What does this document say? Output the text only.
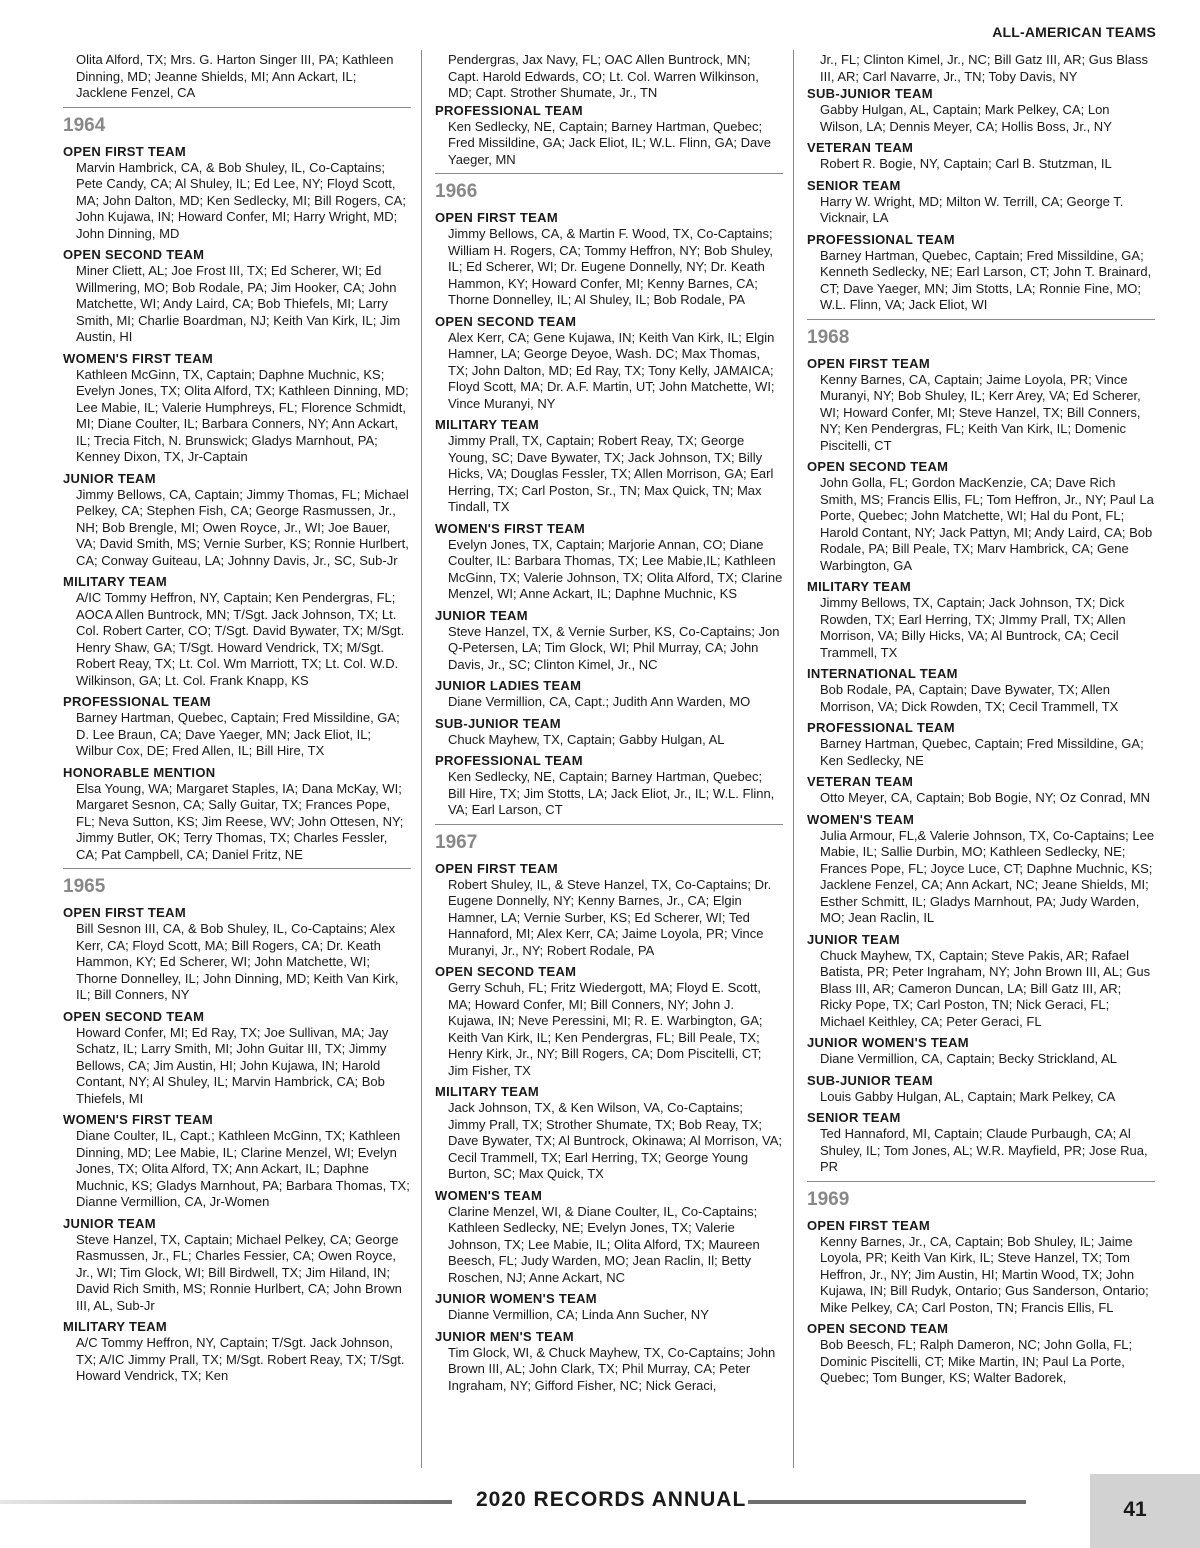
ALL-AMERICAN TEAMS
Olita Alford, TX; Mrs. G. Harton Singer III, PA; Kathleen Dinning, MD; Jeanne Shields, MI; Ann Ackart, IL; Jacklene Fenzel, CA
1964
OPEN FIRST TEAM
Marvin Hambrick, CA, & Bob Shuley, IL, Co-Captains; Pete Candy, CA; Al Shuley, IL; Ed Lee, NY; Floyd Scott, MA; John Dalton, MD; Ken Sedlecky, MI; Bill Rogers, CA; John Kujawa, IN; Howard Confer, MI; Harry Wright, MD; John Dinning, MD
OPEN SECOND TEAM
Miner Cliett, AL; Joe Frost III, TX; Ed Scherer, WI; Ed Willmering, MO; Bob Rodale, PA; Jim Hooker, CA; John Matchette, WI; Andy Laird, CA; Bob Thiefels, MI; Larry Smith, MI; Charlie Boardman, NJ; Keith Van Kirk, IL; Jim Austin, HI
WOMEN'S FIRST TEAM
Kathleen McGinn, TX, Captain; Daphne Muchnic, KS; Evelyn Jones, TX; Olita Alford, TX; Kathleen Dinning, MD; Lee Mabie, IL; Valerie Humphreys, FL; Florence Schmidt, MI; Diane Coulter, IL; Barbara Conners, NY; Ann Ackart, IL; Trecia Fitch, N. Brunswick; Gladys Marnhout, PA; Kenney Dixon, TX, Jr-Captain
JUNIOR TEAM
Jimmy Bellows, CA, Captain; Jimmy Thomas, FL; Michael Pelkey, CA; Stephen Fish, CA; George Rasmussen, Jr., NH; Bob Brengle, MI; Owen Royce, Jr., WI; Joe Bauer, VA; David Smith, MS; Vernie Surber, KS; Ronnie Hurlbert, CA; Conway Guiteau, LA; Johnny Davis, Jr., SC, Sub-Jr
MILITARY TEAM
A/IC Tommy Heffron, NY, Captain; Ken Pendergras, FL; AOCA Allen Buntrock, MN; T/Sgt. Jack Johnson, TX; Lt. Col. Robert Carter, CO; T/Sgt. David Bywater, TX; M/Sgt. Henry Shaw, GA; T/Sgt. Howard Vendrick, TX; M/Sgt. Robert Reay, TX; Lt. Col. Wm Marriott, TX; Lt. Col. W.D. Wilkinson, GA; Lt. Col. Frank Knapp, KS
PROFESSIONAL TEAM
Barney Hartman, Quebec, Captain; Fred Missildine, GA; D. Lee Braun, CA; Dave Yaeger, MN; Jack Eliot, IL; Wilbur Cox, DE; Fred Allen, IL; Bill Hire, TX
HONORABLE MENTION
Elsa Young, WA; Margaret Staples, IA; Dana McKay, WI; Margaret Sesnon, CA; Sally Guitar, TX; Frances Pope, FL; Neva Sutton, KS; Jim Reese, WV; John Ottesen, NY; Jimmy Butler, OK; Terry Thomas, TX; Charles Fessler, CA; Pat Campbell, CA; Daniel Fritz, NE
1965
OPEN FIRST TEAM
Bill Sesnon III, CA, & Bob Shuley, IL, Co-Captains; Alex Kerr, CA; Floyd Scott, MA; Bill Rogers, CA; Dr. Keath Hammon, KY; Ed Scherer, WI; John Matchette, WI; Thorne Donnelley, IL; John Dinning, MD; Keith Van Kirk, IL; Bill Conners, NY
OPEN SECOND TEAM
Howard Confer, MI; Ed Ray, TX; Joe Sullivan, MA; Jay Schatz, IL; Larry Smith, MI; John Guitar III, TX; Jimmy Bellows, CA; Jim Austin, HI; John Kujawa, IN; Harold Contant, NY; Al Shuley, IL; Marvin Hambrick, CA; Bob Thiefels, MI
WOMEN'S FIRST TEAM
Diane Coulter, IL, Capt.; Kathleen McGinn, TX; Kathleen Dinning, MD; Lee Mabie, IL; Clarine Menzel, WI; Evelyn Jones, TX; Olita Alford, TX; Ann Ackart, IL; Daphne Muchnic, KS; Gladys Marnhout, PA; Barbara Thomas, TX; Dianne Vermillion, CA, Jr-Women
JUNIOR TEAM
Steve Hanzel, TX, Captain; Michael Pelkey, CA; George Rasmussen, Jr., FL; Charles Fessier, CA; Owen Royce, Jr., WI; Tim Glock, WI; Bill Birdwell, TX; Jim Hiland, IN; David Rich Smith, MS; Ronnie Hurlbert, CA; John Brown III, AL, Sub-Jr
MILITARY TEAM
A/C Tommy Heffron, NY, Captain; T/Sgt. Jack Johnson, TX; A/IC Jimmy Prall, TX; M/Sgt. Robert Reay, TX; T/Sgt. Howard Vendrick, TX; Ken
Pendergras, Jax Navy, FL; OAC Allen Buntrock, MN; Capt. Harold Edwards, CO; Lt. Col. Warren Wilkinson, MD; Capt. Strother Shumate, Jr., TN
PROFESSIONAL TEAM
Ken Sedlecky, NE, Captain; Barney Hartman, Quebec; Fred Missildine, GA; Jack Eliot, IL; W.L. Flinn, GA; Dave Yaeger, MN
1966
OPEN FIRST TEAM
Jimmy Bellows, CA, & Martin F. Wood, TX, Co-Captains; William H. Rogers, CA; Tommy Heffron, NY; Bob Shuley, IL; Ed Scherer, WI; Dr. Eugene Donnelly, NY; Dr. Keath Hammon, KY; Howard Confer, MI; Kenny Barnes, CA; Thorne Donnelley, IL; Al Shuley, IL; Bob Rodale, PA
OPEN SECOND TEAM
Alex Kerr, CA; Gene Kujawa, IN; Keith Van Kirk, IL; Elgin Hamner, LA; George Deyoe, Wash. DC; Max Thomas, TX; John Dalton, MD; Ed Ray, TX; Tony Kelly, JAMAICA; Floyd Scott, MA; Dr. A.F. Martin, UT; John Matchette, WI; Vince Muranyi, NY
MILITARY TEAM
Jimmy Prall, TX, Captain; Robert Reay, TX; George Young, SC; Dave Bywater, TX; Jack Johnson, TX; Billy Hicks, VA; Douglas Fessler, TX; Allen Morrison, GA; Earl Herring, TX; Carl Poston, Sr., TN; Max Quick, TN; Max Tindall, TX
WOMEN'S FIRST TEAM
Evelyn Jones, TX, Captain; Marjorie Annan, CO; Diane Coulter, IL: Barbara Thomas, TX; Lee Mabie,IL; Kathleen McGinn, TX; Valerie Johnson, TX; Olita Alford, TX; Clarine Menzel, WI; Anne Ackart, IL; Daphne Muchnic, KS
JUNIOR TEAM
Steve Hanzel, TX, & Vernie Surber, KS, Co-Captains; Jon Q-Petersen, LA; Tim Glock, WI; Phil Murray, CA; John Davis, Jr., SC; Clinton Kimel, Jr., NC
JUNIOR LADIES TEAM
Diane Vermillion, CA, Capt.; Judith Ann Warden, MO
SUB-JUNIOR TEAM
Chuck Mayhew, TX, Captain; Gabby Hulgan, AL
PROFESSIONAL TEAM
Ken Sedlecky, NE, Captain; Barney Hartman, Quebec; Bill Hire, TX; Jim Stotts, LA; Jack Eliot, Jr., IL; W.L. Flinn, VA; Earl Larson, CT
1967
OPEN FIRST TEAM
Robert Shuley, IL, & Steve Hanzel, TX, Co-Captains; Dr. Eugene Donnelly, NY; Kenny Barnes, Jr., CA; Elgin Hamner, LA; Vernie Surber, KS; Ed Scherer, WI; Ted Hannaford, MI; Alex Kerr, CA; Jaime Loyola, PR; Vince Muranyi, Jr., NY; Robert Rodale, PA
OPEN SECOND TEAM
Gerry Schuh, FL; Fritz Wiedergott, MA; Floyd E. Scott, MA; Howard Confer, MI; Bill Conners, NY; John J. Kujawa, IN; Neve Peressini, MI; R. E. Warbington, GA; Keith Van Kirk, IL; Ken Pendergras, FL; Bill Peale, TX; Henry Kirk, Jr., NY; Bill Rogers, CA; Dom Piscitelli, CT; Jim Fisher, TX
MILITARY TEAM
Jack Johnson, TX, & Ken Wilson, VA, Co-Captains; Jimmy Prall, TX; Strother Shumate, TX; Bob Reay, TX; Dave Bywater, TX; Al Buntrock, Okinawa; Al Morrison, VA; Cecil Trammell, TX; Earl Herring, TX; George Young Burton, SC; Max Quick, TX
WOMEN'S TEAM
Clarine Menzel, WI, & Diane Coulter, IL, Co-Captains; Kathleen Sedlecky, NE; Evelyn Jones, TX; Valerie Johnson, TX; Lee Mabie, IL; Olita Alford, TX; Maureen Beesch, FL; Judy Warden, MO; Jean Raclin, Il; Betty Roschen, NJ; Anne Ackart, NC
JUNIOR WOMEN'S TEAM
Dianne Vermillion, CA; Linda Ann Sucher, NY
JUNIOR MEN'S TEAM
Tim Glock, WI, & Chuck Mayhew, TX, Co-Captains; John Brown III, AL; John Clark, TX; Phil Murray, CA; Peter Ingraham, NY; Gifford Fisher, NC; Nick Geraci,
Jr., FL; Clinton Kimel, Jr., NC; Bill Gatz III, AR; Gus Blass III, AR; Carl Navarre, Jr., TN; Toby Davis, NY
SUB-JUNIOR TEAM
Gabby Hulgan, AL, Captain; Mark Pelkey, CA; Lon Wilson, LA; Dennis Meyer, CA; Hollis Boss, Jr., NY
VETERAN TEAM
Robert R. Bogie, NY, Captain; Carl B. Stutzman, IL
SENIOR TEAM
Harry W. Wright, MD; Milton W. Terrill, CA; George T. Vicknair, LA
PROFESSIONAL TEAM
Barney Hartman, Quebec, Captain; Fred Missildine, GA; Kenneth Sedlecky, NE; Earl Larson, CT; John T. Brainard, CT; Dave Yaeger, MN; Jim Stotts, LA; Ronnie Fine, MO; W.L. Flinn, VA; Jack Eliot, WI
1968
OPEN FIRST TEAM
Kenny Barnes, CA, Captain; Jaime Loyola, PR; Vince Muranyi, NY; Bob Shuley, IL; Kerr Arey, VA; Ed Scherer, WI; Howard Confer, MI; Steve Hanzel, TX; Bill Conners, NY; Ken Pendergras, FL; Keith Van Kirk, IL; Domenic Piscitelli, CT
OPEN SECOND TEAM
John Golla, FL; Gordon MacKenzie, CA; Dave Rich Smith, MS; Francis Ellis, FL; Tom Heffron, Jr., NY; Paul La Porte, Quebec; John Matchette, WI; Hal du Pont, FL; Harold Contant, NY; Jack Pattyn, MI; Andy Laird, CA; Bob Rodale, PA; Bill Peale, TX; Marv Hambrick, CA; Gene Warbington, GA
MILITARY TEAM
Jimmy Bellows, TX, Captain; Jack Johnson, TX; Dick Rowden, TX; Earl Herring, TX; JImmy Prall, TX; Allen Morrison, VA; Billy Hicks, VA; Al Buntrock, CA; Cecil Trammell, TX
INTERNATIONAL TEAM
Bob Rodale, PA, Captain; Dave Bywater, TX; Allen Morrison, VA; Dick Rowden, TX; Cecil Trammell, TX
PROFESSIONAL TEAM
Barney Hartman, Quebec, Captain; Fred Missildine, GA; Ken Sedlecky, NE
VETERAN TEAM
Otto Meyer, CA, Captain; Bob Bogie, NY; Oz Conrad, MN
WOMEN'S TEAM
Julia Armour, FL,& Valerie Johnson, TX, Co-Captains; Lee Mabie, IL; Sallie Durbin, MO; Kathleen Sedlecky, NE; Frances Pope, FL; Joyce Luce, CT; Daphne Muchnic, KS; Jacklene Fenzel, CA; Ann Ackart, NC; Jeane Shields, MI; Esther Schmitt, IL; Gladys Marnhout, PA; Judy Warden, MO; Jean Raclin, IL
JUNIOR TEAM
Chuck Mayhew, TX, Captain; Steve Pakis, AR; Rafael Batista, PR; Peter Ingraham, NY; John Brown III, AL; Gus Blass III, AR; Cameron Duncan, LA; Bill Gatz III, AR; Ricky Pope, TX; Carl Poston, TN; Nick Geraci, FL; Michael Keithley, CA; Peter Geraci, FL
JUNIOR WOMEN'S TEAM
Diane Vermillion, CA, Captain; Becky Strickland, AL
SUB-JUNIOR TEAM
Louis Gabby Hulgan, AL, Captain; Mark Pelkey, CA
SENIOR TEAM
Ted Hannaford, MI, Captain; Claude Purbaugh, CA; Al Shuley, IL; Tom Jones, AL; W.R. Mayfield, PR; Jose Rua, PR
1969
OPEN FIRST TEAM
Kenny Barnes, Jr., CA, Captain; Bob Shuley, IL; Jaime Loyola, PR; Keith Van Kirk, IL; Steve Hanzel, TX; Tom Heffron, Jr., NY; Jim Austin, HI; Martin Wood, TX; John Kujawa, IN; Bill Rudyk, Ontario; Gus Sanderson, Ontario; Mike Pelkey, CA; Carl Poston, TN; Francis Ellis, FL
OPEN SECOND TEAM
Bob Beesch, FL; Ralph Dameron, NC; John Golla, FL; Dominic Piscitelli, CT; Mike Martin, IN; Paul La Porte, Quebec; Tom Bunger, KS; Walter Badorek,
2020 RECORDS ANNUAL	41
